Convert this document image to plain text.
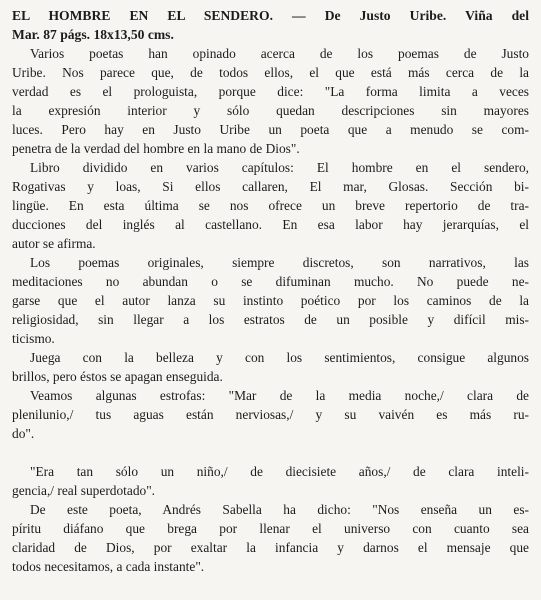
EL HOMBRE EN EL SENDERO. — De Justo Uribe. Viña del
Mar. 87 págs. 18x13,50 cms.
Varios poetas han opinado acerca de los poemas de Justo
Uribe. Nos parece que, de todos ellos, el que está más cerca de la
verdad es el prologuista, porque dice: "La forma limita a veces
la expresión interior y sólo quedan descripciones sin mayores
luces. Pero hay en Justo Uribe un poeta que a menudo se com-
penetra de la verdad del hombre en la mano de Dios".
Libro dividido en varios capítulos: El hombre en el sendero,
Rogativas y loas, Si ellos callaren, El mar, Glosas. Sección bi-
lingüe. En esta última se nos ofrece un breve repertorio de tra-
ducciones del inglés al castellano. En esa labor hay jerarquías, el
autor se afirma.
Los poemas originales, siempre discretos, son narrativos, las
meditaciones no abundan o se difuminan mucho. No puede ne-
garse que el autor lanza su instinto poético por los caminos de la
religiosidad, sin llegar a los estratos de un posible y difícil mis-
ticismo.
Juega con la belleza y con los sentimientos, consigue algunos
brillos, pero éstos se apagan enseguida.
Veamos algunas estrofas: "Mar de la media noche,/ clara de
plenilunio,/ tus aguas están nerviosas,/ y su vaivén es más ru-
do".
"Era tan sólo un niño,/ de diecisiete años,/ de clara inteli-
gencia,/ real superdotado".
De este poeta, Andrés Sabella ha dicho: "Nos enseña un es-
píritu diáfano que brega por llenar el universo con cuanto sea
claridad de Dios, por exaltar la infancia y darnos el mensaje que
todos necesitamos, a cada instante".
